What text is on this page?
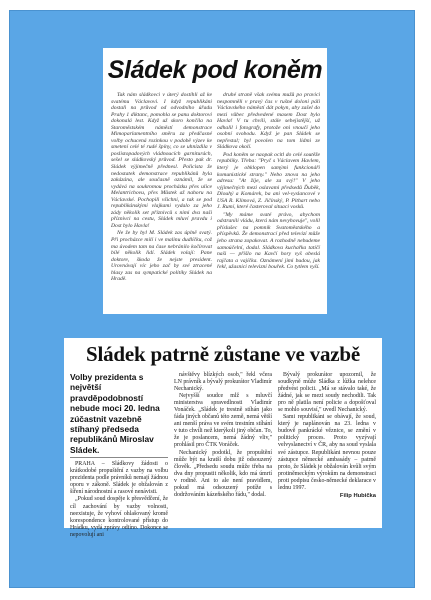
Sládek pod koněm

Tak nám sládkovci v úterý dostihli až ke svatému Václavovi. I když republikáni dostali na průvod od odvodního úřadu Prahy 1 diktanc, pomohla se panu doktorovi dokonalá lest. Když už skoro končila na Staroměstském náměstí demonstrace Mimoparlamentního směru za předčasné volby ochucená rozinkou v podobě výzev ke smetení celé té rudé špíny, co se uhnízdila v poslistopadových vládnoucích garniturách, sešel se sládkovský průvod. Přesto pak dr. Sládek výjimečně přednesl. Policista že nedostatek demonstrace republikánů byla zakázána, ale současně oznámil, že se vydává na soukromou procházku přes ulice Melantrichovu, přes Můstek až nahoru na Václavské. Pochopili všichni, a tak se pod republikánskými vlajkami vydalo za jeho zády několik set příznivců s nimi dva naši příznivci na cestu, Sládek mluví pravdu i Dost bylo Havla!

Ne že by byl M. Sládek zas úplně svatý. Při procházce milí i ve malinu dudlíčku, což ma úvodem tam na čase nebránilo kočírovat bílé několik lidí. Sládek volají: Pane doktore, škoda že nejste president. Urovnávají víc jeho zač by své ztracené hlasy zas na sympatické politiky Sládek na Hradě.

druhé straně však svému mužů po pravici nespomněli v pravý čas v rušné doloni páli Václavského náměstí dát pokyn, aby zašel do mezi vůbec předvedené masem Dost bylo Havla! V tu chvíli, stále sebejistější, už odhalil i fotografy, protože oni vnoučí jeho osobní svobodu. Když je pan Sládek se nepřestal; byl povolen na tom lidmi ze Sládkova okolí.

Pod koněm se naopak ocitl do celé soutěže republiky. Třeba: "Pryč s Václavem Havlem, který je obklopen samými funkcionáři komunistické strany." Nebo znova na jeho adresu: "At žije, ale za svý!" V jeho výjimečných mezi oslavami předsedů Ďuběk, Dlouhý a Komárek, ba ani vel-vyslancové v USA R. Klimová, Z. Jičínský, P. Pithart nebo J. Rumí, které časteroval situaci vosků.

"My máme svaté právo, abychom odstranili vládu, která nám nevyhovuje", volil příslušec na pomník Svatoměstského a příspěvků. Že demonstrací před televizí může jeho strana zopakovat. A rozhodně nebudeme samoúčelní, dodal. Sládkova kuchařka tatíčí naši — přišlo na Kavčí hory vyš obeslá rajčata a vajíčka. Oznámení jimi budou, jak řekl, užasnici televizní bouřek. Co tytlem vyší.

Sládek patrně zůstane ve vazbě

Volby prezidenta s největší pravděpodobností nebude moci 20. ledna zúčastnit vazebně stíhaný předseda republikánů Miroslav Sládek.

PRAHA – Sládkovy žádosti o krátkodobé propuštění z vazby na volbu prezidenta podle právníků nemají žádnou oporu v zákoně. Sládek je obžalován z šíření národnostní a rasové nenávisti.

„Pokud soud dospěje k přesvědčení, že cíl zachování by vazby volnosti, neexistuje, že vyhoví ohlašovaný kromě korespondence kontrolované přístup do Hrádku, vydá zprávy odiíno. Dokonce se nepovolují ani

návštěvy blízkých osob," řekl včera LN právník a bývalý prokurátor Vladimír Nechanický.

Nejvyšší soudce mlž s mluvčí ministerstva spravedlnosti Vladimír Vonáček. „Sládek je trestně stíhán jako fáda jiných občanů této země, nemá větší ani menší práva ve svém trestním stíhání v tuto chvíli než kterýkoli jiný občan. To, že je poslancem, nemá žádný vliv," prohlásil pro ČTK Voráček.

Nechanický podotkl, že propuštění může být na kratší dobu již odsouzený člověk. „Předsedu soudu může třeba na dva dny propustit několik, kdo má úmrtí v rodině. Ani to ale není pravidlem, pokud má odsouzený potíže s dodržováním kázeňského řádu," dodal.

Bývalý prokurátor upozornil, že soudkyně může Sládka z lůžka nelehce předvést policii. „Má se stávalo také, že žádné, jak se mezi soudy nechodili. Tak pro ně platila není policie a dopošťoval se mohlo souvisí," uvedl Nechanický.

Sami republikáni se obávají, že soud, který je naplánován na 23. ledna v budově pankrácké věznice, se změní v politický proces. Proto vyzývají velvyslanectví v ČR, aby na soud vyslala své zástupce. Republikáni nevnou pouze zástupce německé ambasády – patrně proto, že Sládek je obžalován kvůli svým protiněmeckým výrokům na demonstraci proti podpisu česko-německé deklarace v lednu 1997.

Filip Hubička
